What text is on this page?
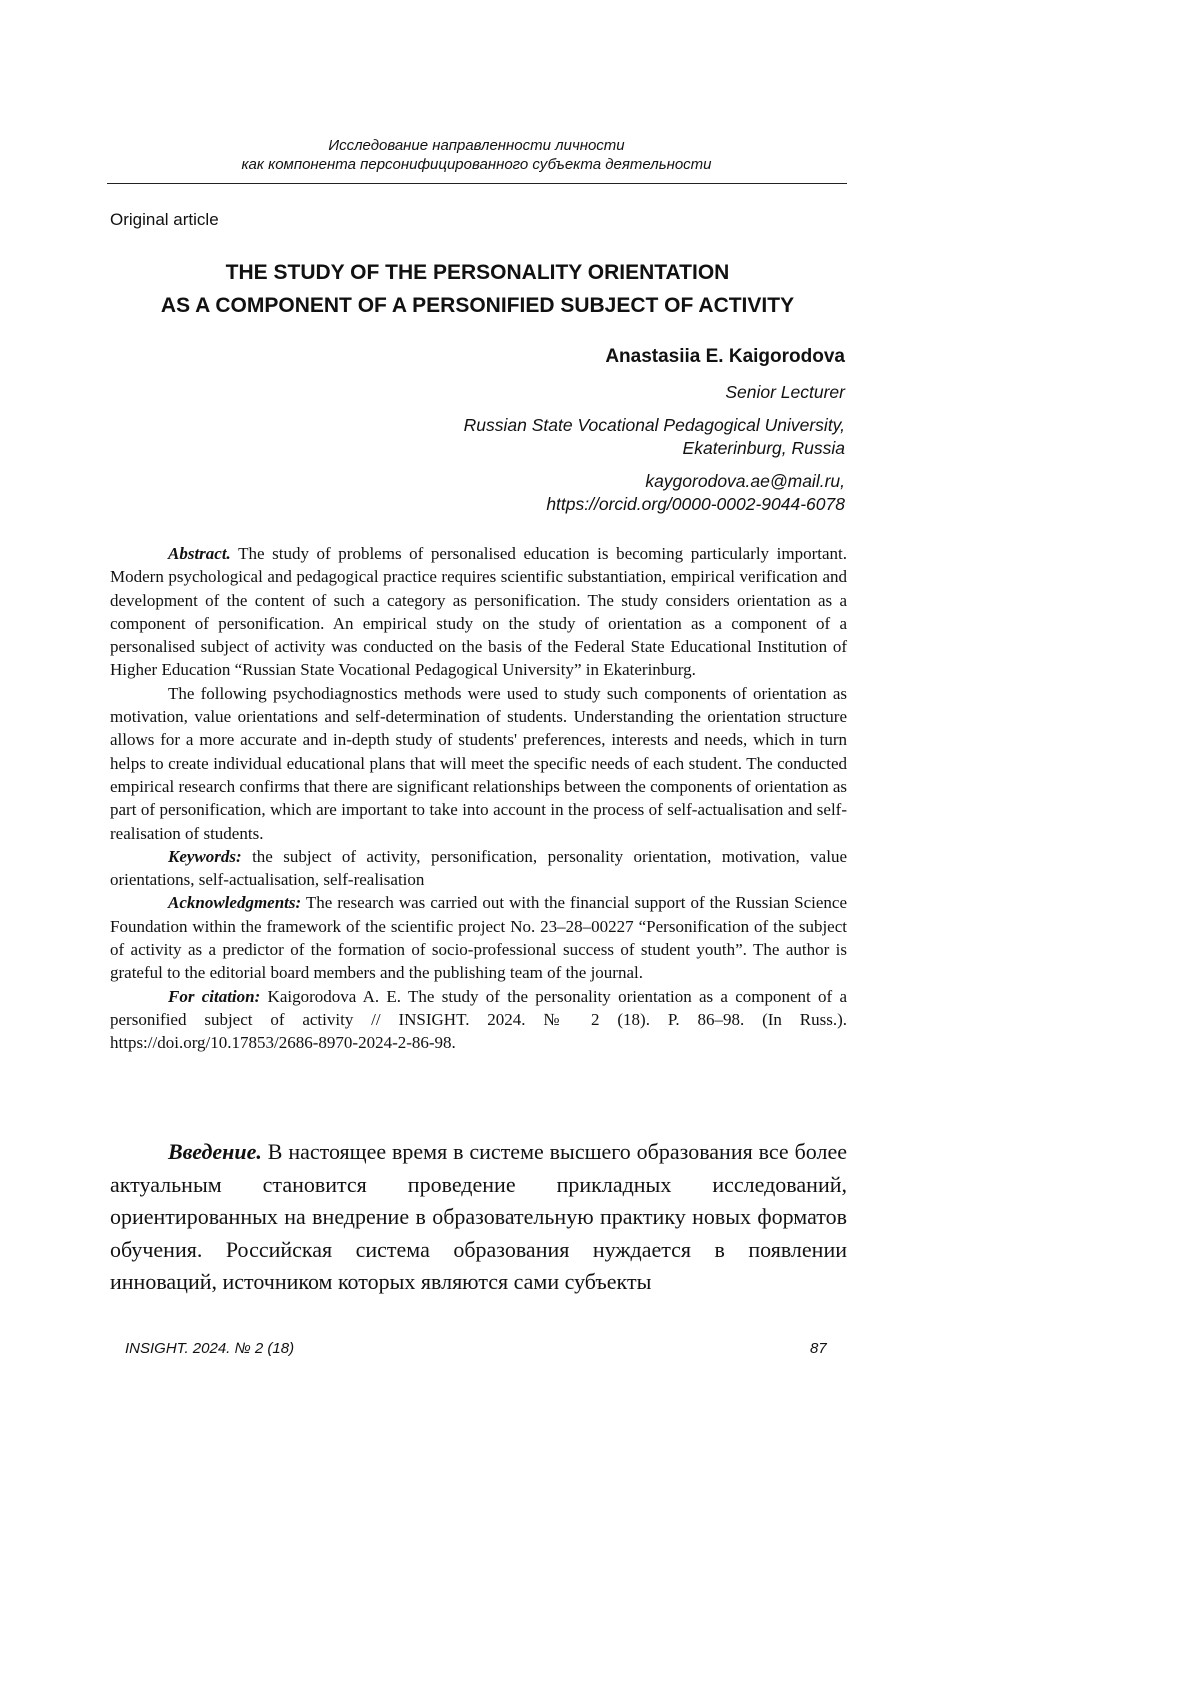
Исследование направленности личности
как компонента персонифицированного субъекта деятельности
Original article
THE STUDY OF THE PERSONALITY ORIENTATION
AS A COMPONENT OF A PERSONIFIED SUBJECT OF ACTIVITY
Anastasiia E. Kaigorodova
Senior Lecturer
Russian State Vocational Pedagogical University,
Ekaterinburg, Russia
kaygorodova.ae@mail.ru,
https://orcid.org/0000-0002-9044-6078

Abstract. The study of problems of personalised education is becoming particularly important. Modern psychological and pedagogical practice requires scientific substantiation, empirical verification and development of the content of such a category as personification. The study considers orientation as a component of personification. An empirical study on the study of orientation as a component of a personalised subject of activity was conducted on the basis of the Federal State Educational Institution of Higher Education “Russian State Vocational Pedagogical University” in Ekaterinburg.

The following psychodiagnostics methods were used to study such components of orientation as motivation, value orientations and self-determination of students. Understanding the orientation structure allows for a more accurate and in-depth study of students' preferences, interests and needs, which in turn helps to create individual educational plans that will meet the specific needs of each student. The conducted empirical research confirms that there are significant relationships between the components of orientation as part of personification, which are important to take into account in the process of self-actualisation and self-realisation of students.

Keywords: the subject of activity, personification, personality orientation, motivation, value orientations, self-actualisation, self-realisation

Acknowledgments: The research was carried out with the financial support of the Russian Science Foundation within the framework of the scientific project No. 23–28–00227 “Personification of the subject of activity as a predictor of the formation of socio-professional success of student youth”. The author is grateful to the editorial board members and the publishing team of the journal.

For citation: Kaigorodova A. E. The study of the personality orientation as a component of a personified subject of activity // INSIGHT. 2024. № 2 (18). P. 86–98. (In Russ.). https://doi.org/10.17853/2686-8970-2024-2-86-98.

Введение. В настоящее время в системе высшего образования все более актуальным становится проведение прикладных исследований, ориентированных на внедрение в образовательную практику новых форматов обучения. Российская система образования нуждается в появлении инноваций, источником которых являются сами субъекты

INSIGHT. 2024. № 2 (18)	87
